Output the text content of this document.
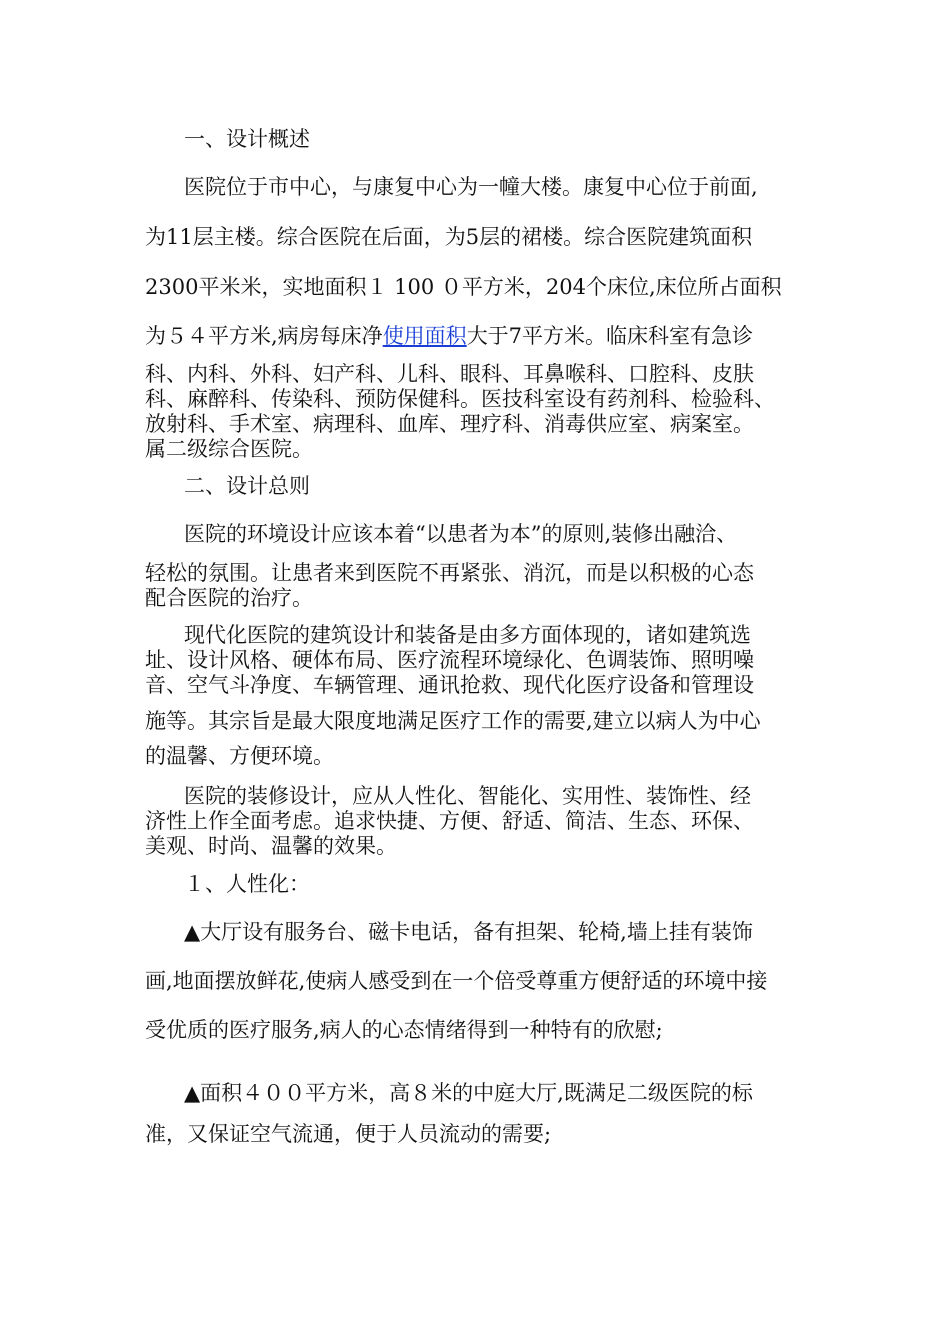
一、设计概述
医院位于市中心，与康复中心为一幢大楼。康复中心位于前面,
为11层主楼。综合医院在后面，为5层的裙楼。综合医院建筑面积
2300平米米，实地面积１ 100 ０平方米，204个床位,床位所占面积
为５４平方米,病房每床净使用面积大于7平方米。临床科室有急诊
科、内科、外科、妇产科、儿科、眼科、耳鼻喉科、口腔科、皮肤
科、麻醉科、传染科、预防保健科。医技科室设有药剂科、检验科、
放射科、手术室、病理科、血库、理疗科、消毒供应室、病案室。
属二级综合医院。
二、设计总则
医院的环境设计应该本着“以患者为本”的原则,装修出融洽、
轻松的氛围。让患者来到医院不再紧张、消沉，而是以积极的心态
配合医院的治疗。
现代化医院的建筑设计和装备是由多方面体现的，诸如建筑选
址、设计风格、硬体布局、医疗流程环境绿化、色调装饰、照明噪
音、空气斗净度、车辆管理、通讯抢救、现代化医疗设备和管理设
施等。其宗旨是最大限度地满足医疗工作的需要,建立以病人为中心
的温馨、方便环境。
医院的装修设计，应从人性化、智能化、实用性、装饰性、经
济性上作全面考虑。追求快捷、方便、舒适、简洁、生态、环保、
美观、时尚、温馨的效果。
１、人性化：
▲大厅设有服务台、磁卡电话，备有担架、轮椅,墙上挂有装饰
画,地面摆放鲜花,使病人感受到在一个倍受尊重方便舒适的环境中接
受优质的医疗服务,病人的心态情绪得到一种特有的欣慰;
▲面积４００平方米，高８米的中庭大厅,既满足二级医院的标
准，又保证空气流通，便于人员流动的需要;
